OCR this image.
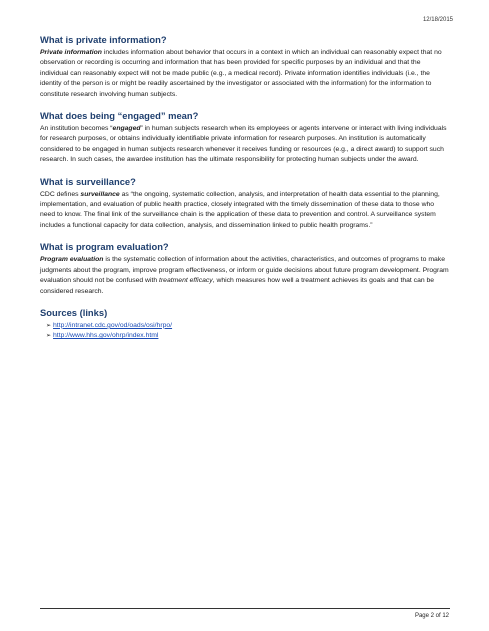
12/18/2015
What is private information?

Private information includes information about behavior that occurs in a context in which an individual can reasonably expect that no observation or recording is occurring and information that has been provided for specific purposes by an individual and that the individual can reasonably expect will not be made public (e.g., a medical record). Private information identifies individuals (i.e., the identity of the person is or might be readily ascertained by the investigator or associated with the information) for the information to constitute research involving human subjects.

What does being “engaged” mean?

An institution becomes “engaged” in human subjects research when its employees or agents intervene or interact with living individuals for research purposes, or obtains individually identifiable private information for research purposes. An institution is automatically considered to be engaged in human subjects research whenever it receives funding or resources (e.g., a direct award) to support such research. In such cases, the awardee institution has the ultimate responsibility for protecting human subjects under the award.

What is surveillance?

CDC defines surveillance as “the ongoing, systematic collection, analysis, and interpretation of health data essential to the planning, implementation, and evaluation of public health practice, closely integrated with the timely dissemination of these data to those who need to know. The final link of the surveillance chain is the application of these data to prevention and control. A surveillance system includes a functional capacity for data collection, analysis, and dissemination linked to public health programs.”

What is program evaluation?

Program evaluation is the systematic collection of information about the activities, characteristics, and outcomes of programs to make judgments about the program, improve program effectiveness, or inform or guide decisions about future program development. Program evaluation should not be confused with treatment efficacy, which measures how well a treatment achieves its goals and that can be considered research.

Sources (links)
➢ http://intranet.cdc.gov/od/oads/osi/hrpo/
➢ http://www.hhs.gov/ohrp/index.html
Page 2 of 12
